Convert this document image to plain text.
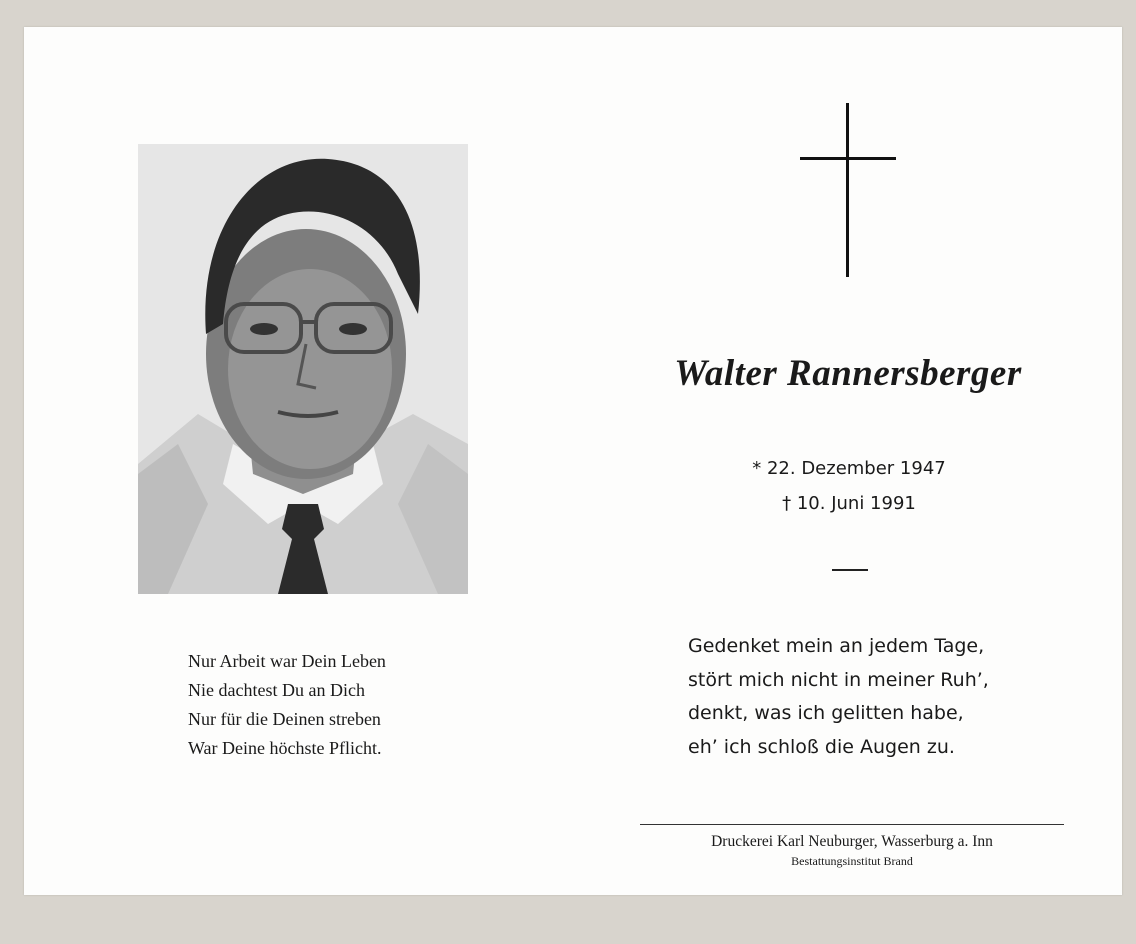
Nur Arbeit war Dein Leben
Nie dachtest Du an Dich
Nur für die Deinen streben
War Deine höchste Pflicht.
Walter Rannersberger
* 22. Dezember 1947
† 10. Juni 1991
Gedenket mein an jedem Tage,
stört mich nicht in meiner Ruh’,
denkt, was ich gelitten habe,
eh’ ich schloß die Augen zu.
Druckerei Karl Neuburger, Wasserburg a. Inn
Bestattungsinstitut Brand
